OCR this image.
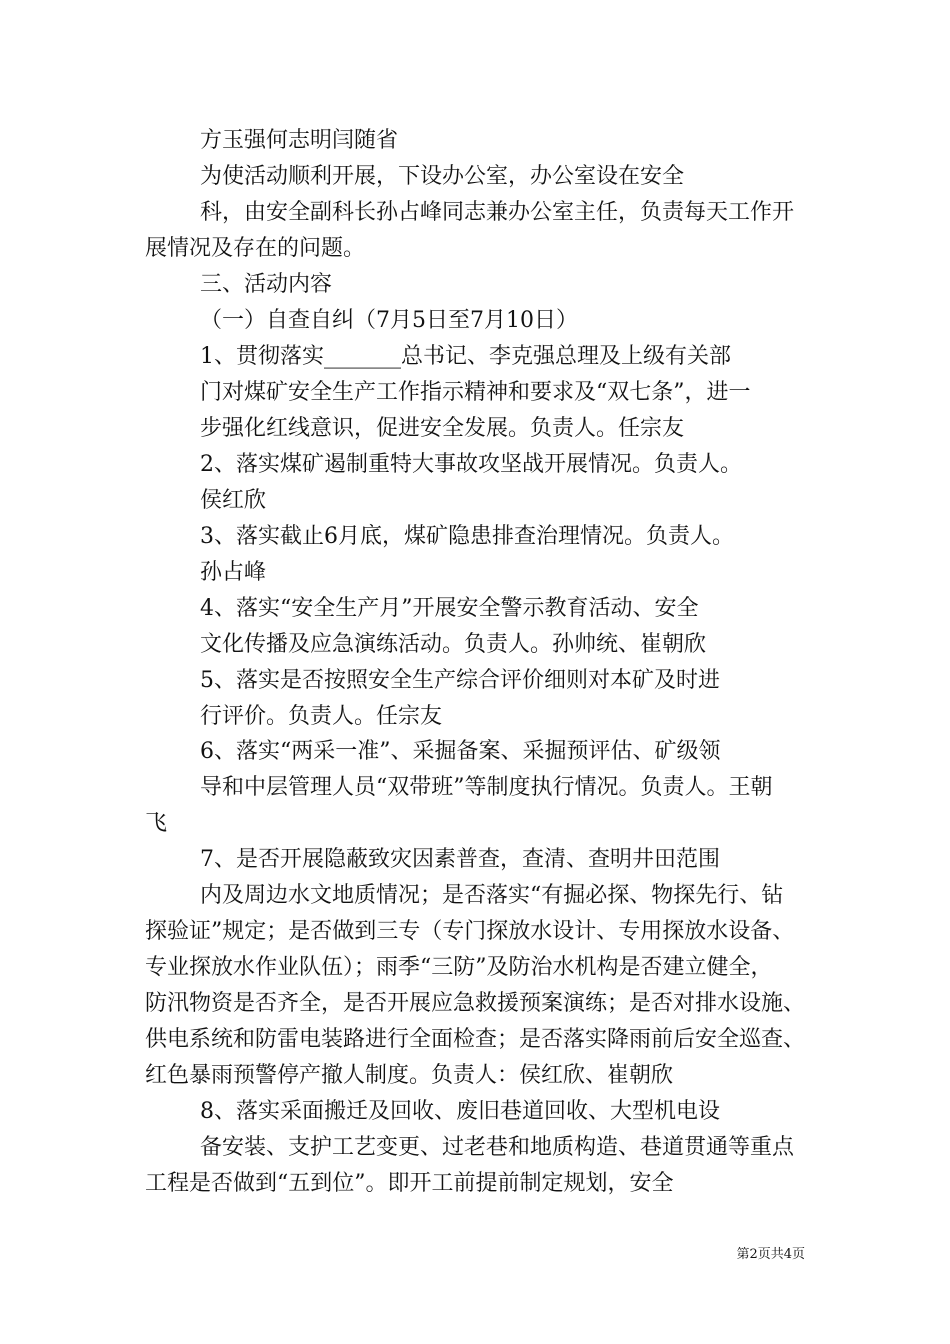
方玉强何志明闫随省
为使活动顺利开展，下设办公室，办公室设在安全
科，由安全副科长孙占峰同志兼办公室主任，负责每天工作开
展情况及存在的问题。
三、活动内容
（一）自查自纠（7月5日至7月10日）
1、贯彻落实_______总书记、李克强总理及上级有关部
门对煤矿安全生产工作指示精神和要求及“双七条”，进一
步强化红线意识，促进安全发展。负责人。任宗友
2、落实煤矿遏制重特大事故攻坚战开展情况。负责人。
侯红欣
3、落实截止6月底，煤矿隐患排查治理情况。负责人。
孙占峰
4、落实“安全生产月”开展安全警示教育活动、安全
文化传播及应急演练活动。负责人。孙帅统、崔朝欣
5、落实是否按照安全生产综合评价细则对本矿及时进
行评价。负责人。任宗友
6、落实“两采一准”、采掘备案、采掘预评估、矿级领
导和中层管理人员“双带班”等制度执行情况。负责人。王朝
飞
7、是否开展隐蔽致灾因素普查，查清、查明井田范围
内及周边水文地质情况；是否落实“有掘必探、物探先行、钻
探验证”规定；是否做到三专（专门探放水设计、专用探放水设备、
专业探放水作业队伍）；雨季“三防”及防治水机构是否建立健全，
防汛物资是否齐全，是否开展应急救援预案演练；是否对排水设施、
供电系统和防雷电装路进行全面检查；是否落实降雨前后安全巡查、
红色暴雨预警停产撤人制度。负责人：侯红欣、崔朝欣
8、落实采面搬迁及回收、废旧巷道回收、大型机电设
备安装、支护工艺变更、过老巷和地质构造、巷道贯通等重点
工程是否做到“五到位”。即开工前提前制定规划，安全
第2页共4页
